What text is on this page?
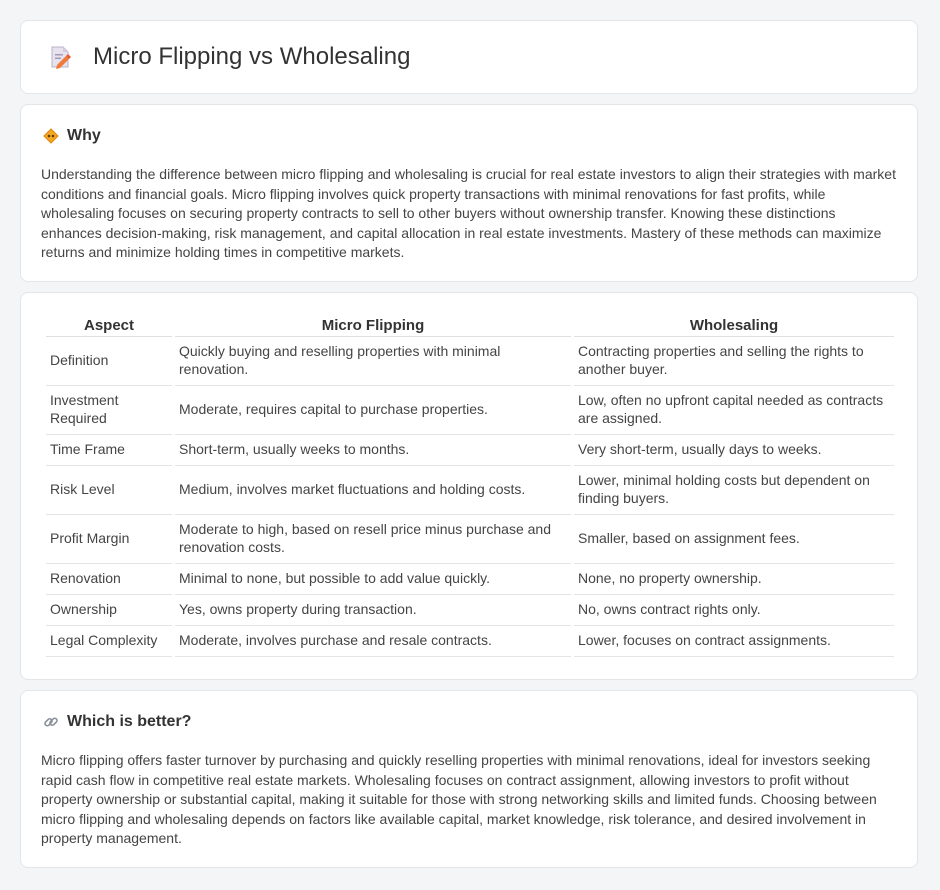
Micro Flipping vs Wholesaling
Why
Understanding the difference between micro flipping and wholesaling is crucial for real estate investors to align their strategies with market conditions and financial goals. Micro flipping involves quick property transactions with minimal renovations for fast profits, while wholesaling focuses on securing property contracts to sell to other buyers without ownership transfer. Knowing these distinctions enhances decision-making, risk management, and capital allocation in real estate investments. Mastery of these methods can maximize returns and minimize holding times in competitive markets.
Aspect	Micro Flipping	Wholesaling
Definition	Quickly buying and reselling properties with minimal renovation.	Contracting properties and selling the rights to another buyer.
Investment Required	Moderate, requires capital to purchase properties.	Low, often no upfront capital needed as contracts are assigned.
Time Frame	Short-term, usually weeks to months.	Very short-term, usually days to weeks.
Risk Level	Medium, involves market fluctuations and holding costs.	Lower, minimal holding costs but dependent on finding buyers.
Profit Margin	Moderate to high, based on resell price minus purchase and renovation costs.	Smaller, based on assignment fees.
Renovation	Minimal to none, but possible to add value quickly.	None, no property ownership.
Ownership	Yes, owns property during transaction.	No, owns contract rights only.
Legal Complexity	Moderate, involves purchase and resale contracts.	Lower, focuses on contract assignments.
Which is better?
Micro flipping offers faster turnover by purchasing and quickly reselling properties with minimal renovations, ideal for investors seeking rapid cash flow in competitive real estate markets. Wholesaling focuses on contract assignment, allowing investors to profit without property ownership or substantial capital, making it suitable for those with strong networking skills and limited funds. Choosing between micro flipping and wholesaling depends on factors like available capital, market knowledge, risk tolerance, and desired involvement in property management.
